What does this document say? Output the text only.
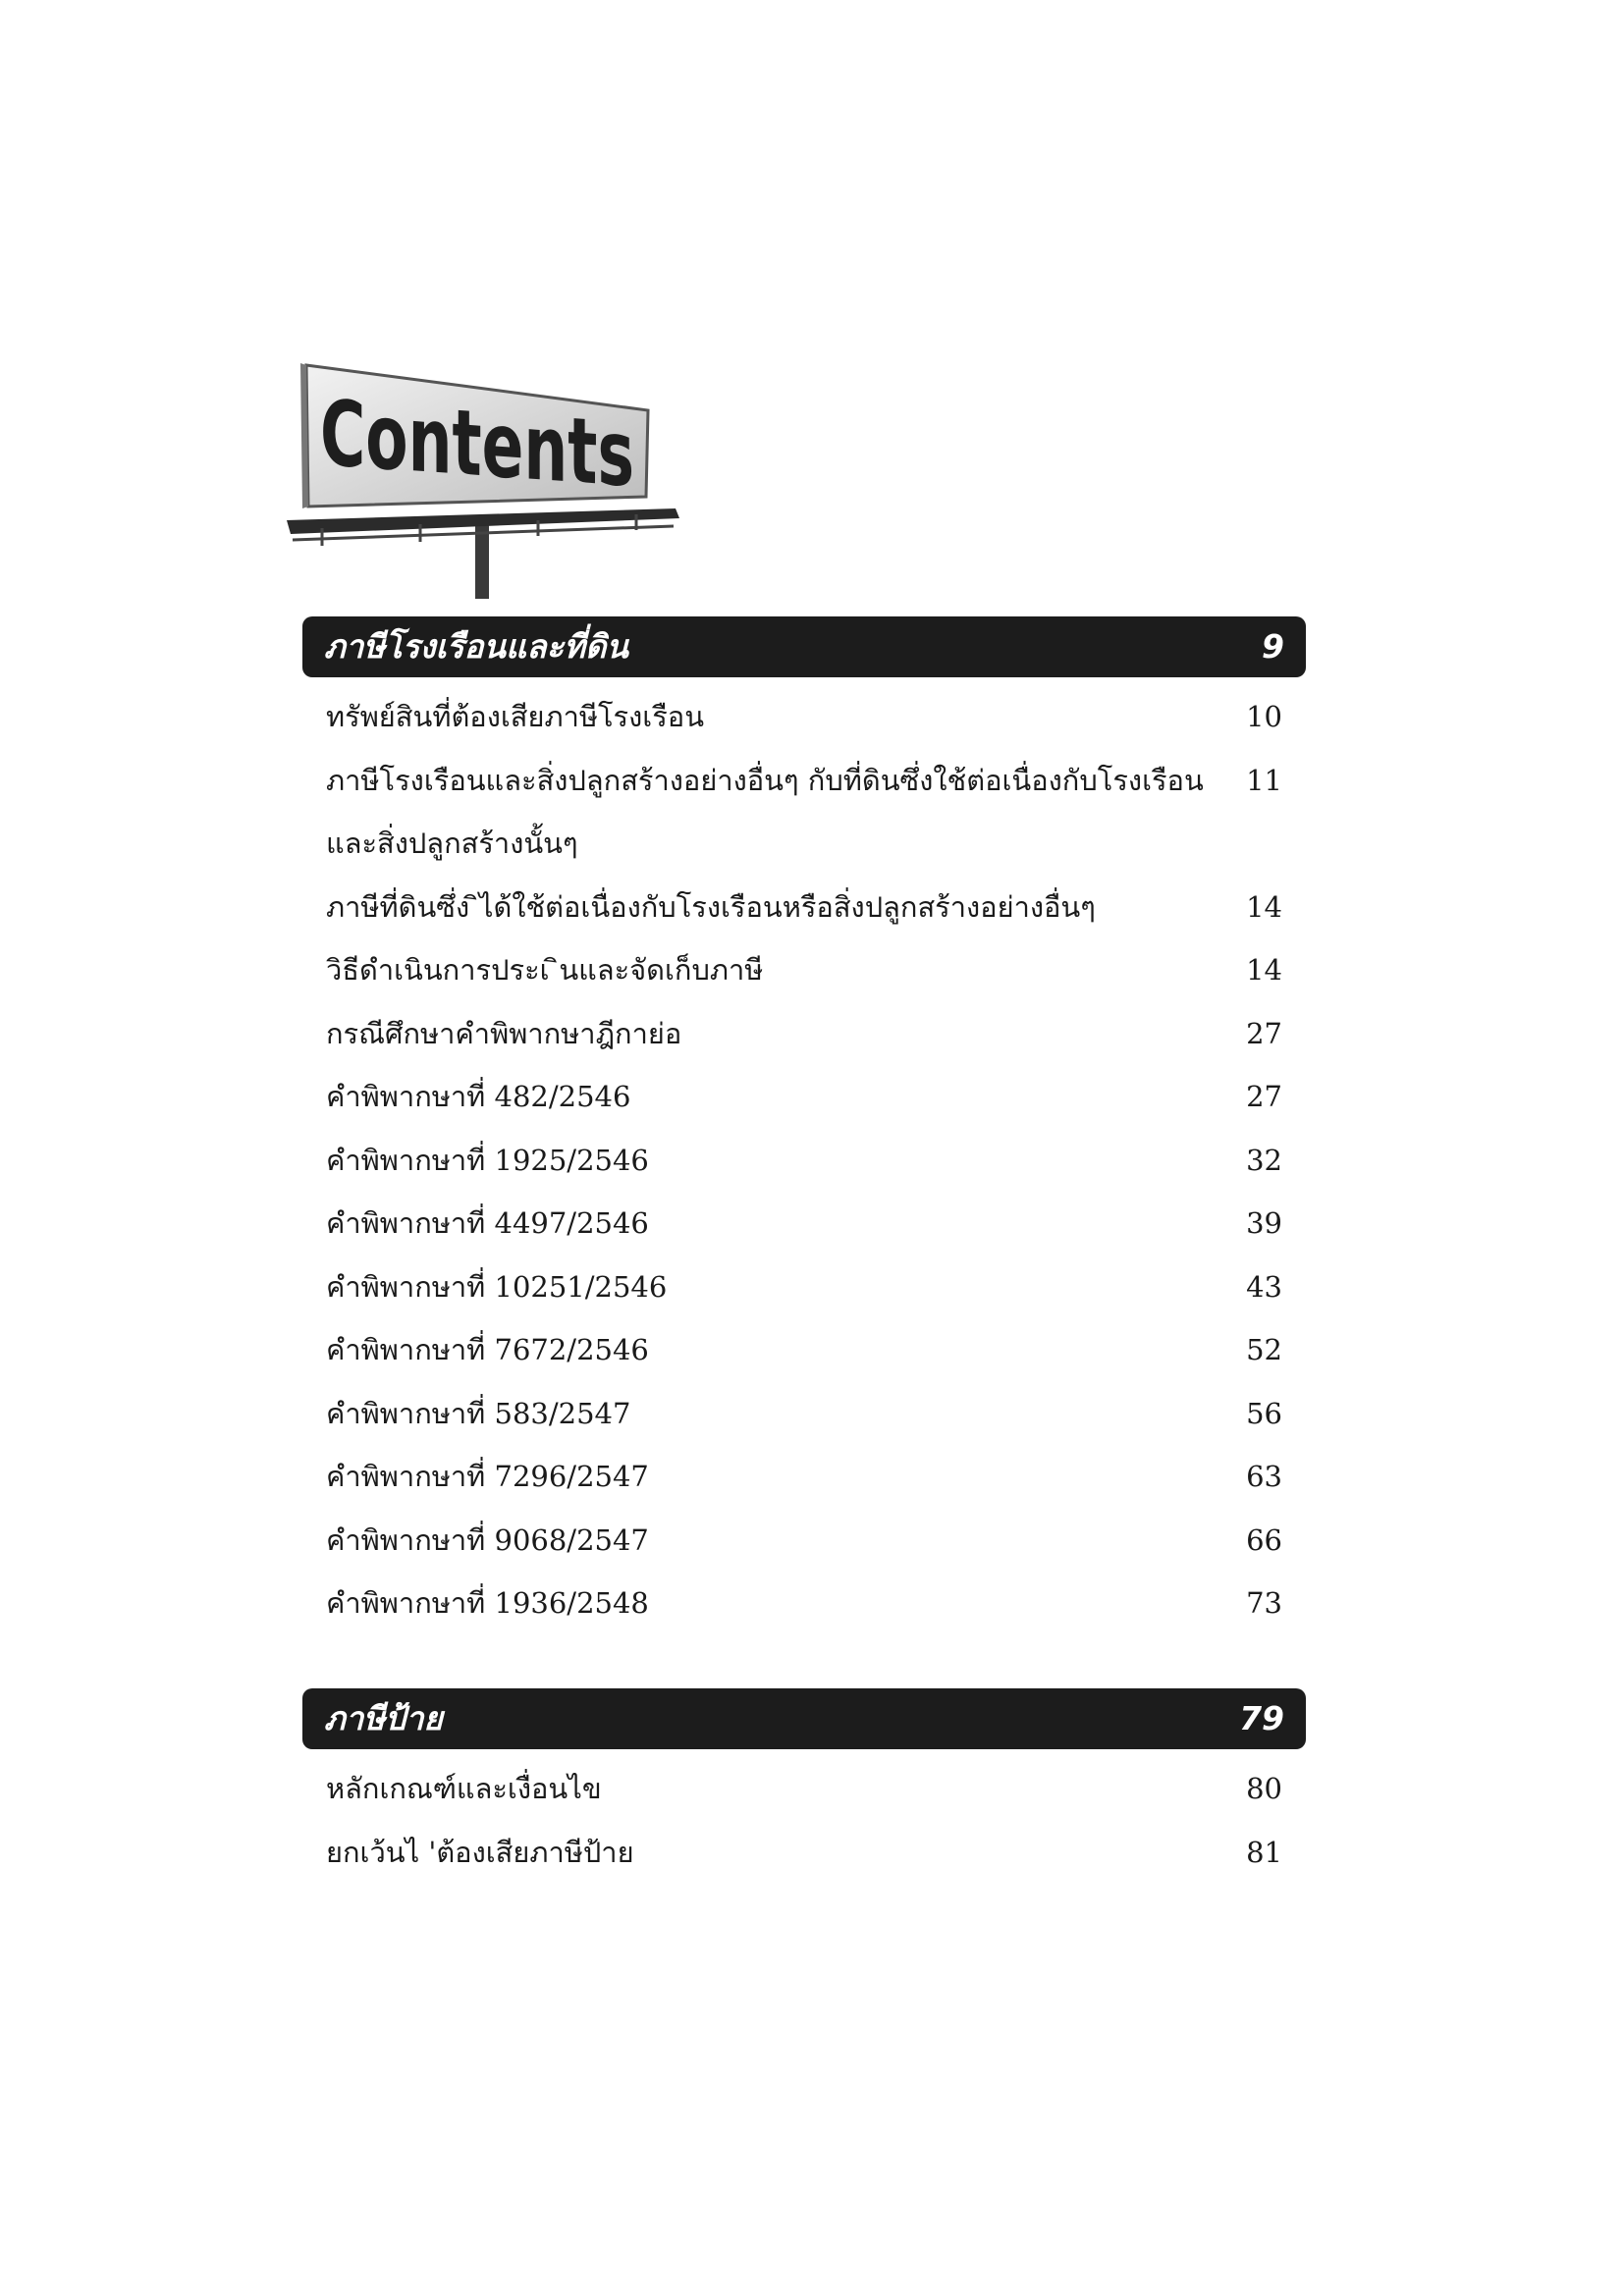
Contents
ภาษีโรงเรือนและที่ดิน	9
ทรัพย์สินที่ต้องเสียภาษีโรงเรือน	10
ภาษีโรงเรือนและสิ่งปลูกสร้างอย่างอื่นๆ กับที่ดินซึ่งใช้ต่อเนื่องกับโรงเรือน 11
และสิ่งปลูกสร้างนั้นๆ
ภาษีที่ดินซึ่ง ิได้ใช้ต่อเนื่องกับโรงเรือนหรือสิ่งปลูกสร้างอย่างอื่นๆ	14
วิธีดำเนินการประเ ินและจัดเก็บภาษี	14
กรณีศึกษาคำพิพากษาฎีกาย่อ	27
คำพิพากษาที่ 482/2546	27
คำพิพากษาที่ 1925/2546	32
คำพิพากษาที่ 4497/2546	39
คำพิพากษาที่ 10251/2546	43
คำพิพากษาที่ 7672/2546	52
คำพิพากษาที่ 583/2547	56
คำพิพากษาที่ 7296/2547	63
คำพิพากษาที่ 9068/2547	66
คำพิพากษาที่ 1936/2548	73
ภาษีป้าย	79
หลักเกณฑ์และเงื่อนไข	80
ยกเว้นไ 'ต้องเสียภาษีป้าย	81
